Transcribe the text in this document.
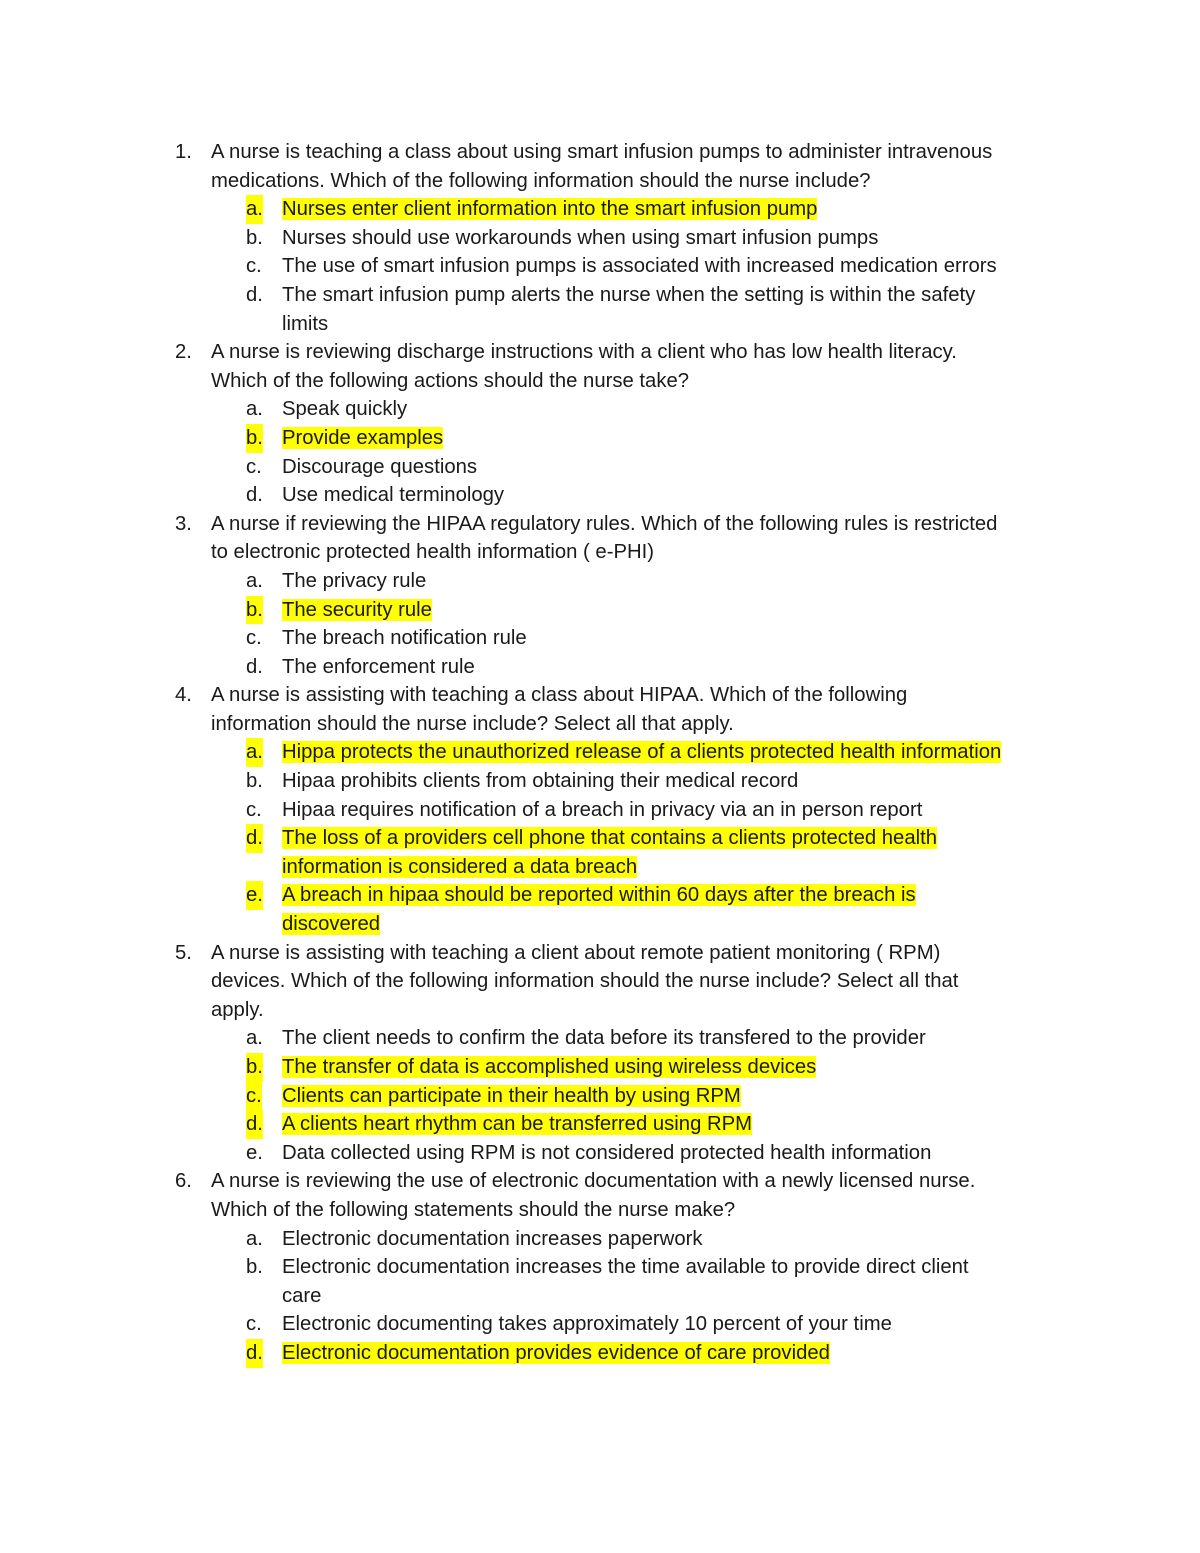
1. A nurse is teaching a class about using smart infusion pumps to administer intravenous
medications. Which of the following information should the nurse include?
a. Nurses enter client information into the smart infusion pump
b. Nurses should use workarounds when using smart infusion pumps
c. The use of smart infusion pumps is associated with increased medication errors
d. The smart infusion pump alerts the nurse when the setting is within the safety
limits
2. A nurse is reviewing discharge instructions with a client who has low health literacy.
Which of the following actions should the nurse take?
a. Speak quickly
b. Provide examples
c. Discourage questions
d. Use medical terminology
3. A nurse if reviewing the HIPAA regulatory rules. Which of the following rules is restricted
to electronic protected health information ( e-PHI)
a. The privacy rule
b. The security rule
c. The breach notification rule
d. The enforcement rule
4. A nurse is assisting with teaching a class about HIPAA. Which of the following
information should the nurse include? Select all that apply.
a. Hippa protects the unauthorized release of a clients protected health information
b. Hipaa prohibits clients from obtaining their medical record
c. Hipaa requires notification of a breach in privacy via an in person report
d. The loss of a providers cell phone that contains a clients protected health
information is considered a data breach
e. A breach in hipaa should be reported within 60 days after the breach is
discovered
5. A nurse is assisting with teaching a client about remote patient monitoring ( RPM)
devices. Which of the following information should the nurse include? Select all that
apply.
a. The client needs to confirm the data before its transfered to the provider
b. The transfer of data is accomplished using wireless devices
c. Clients can participate in their health by using RPM
d. A clients heart rhythm can be transferred using RPM
e. Data collected using RPM is not considered protected health information
6. A nurse is reviewing the use of electronic documentation with a newly licensed nurse.
Which of the following statements should the nurse make?
a. Electronic documentation increases paperwork
b. Electronic documentation increases the time available to provide direct client
care
c. Electronic documenting takes approximately 10 percent of your time
d. Electronic documentation provides evidence of care provided
